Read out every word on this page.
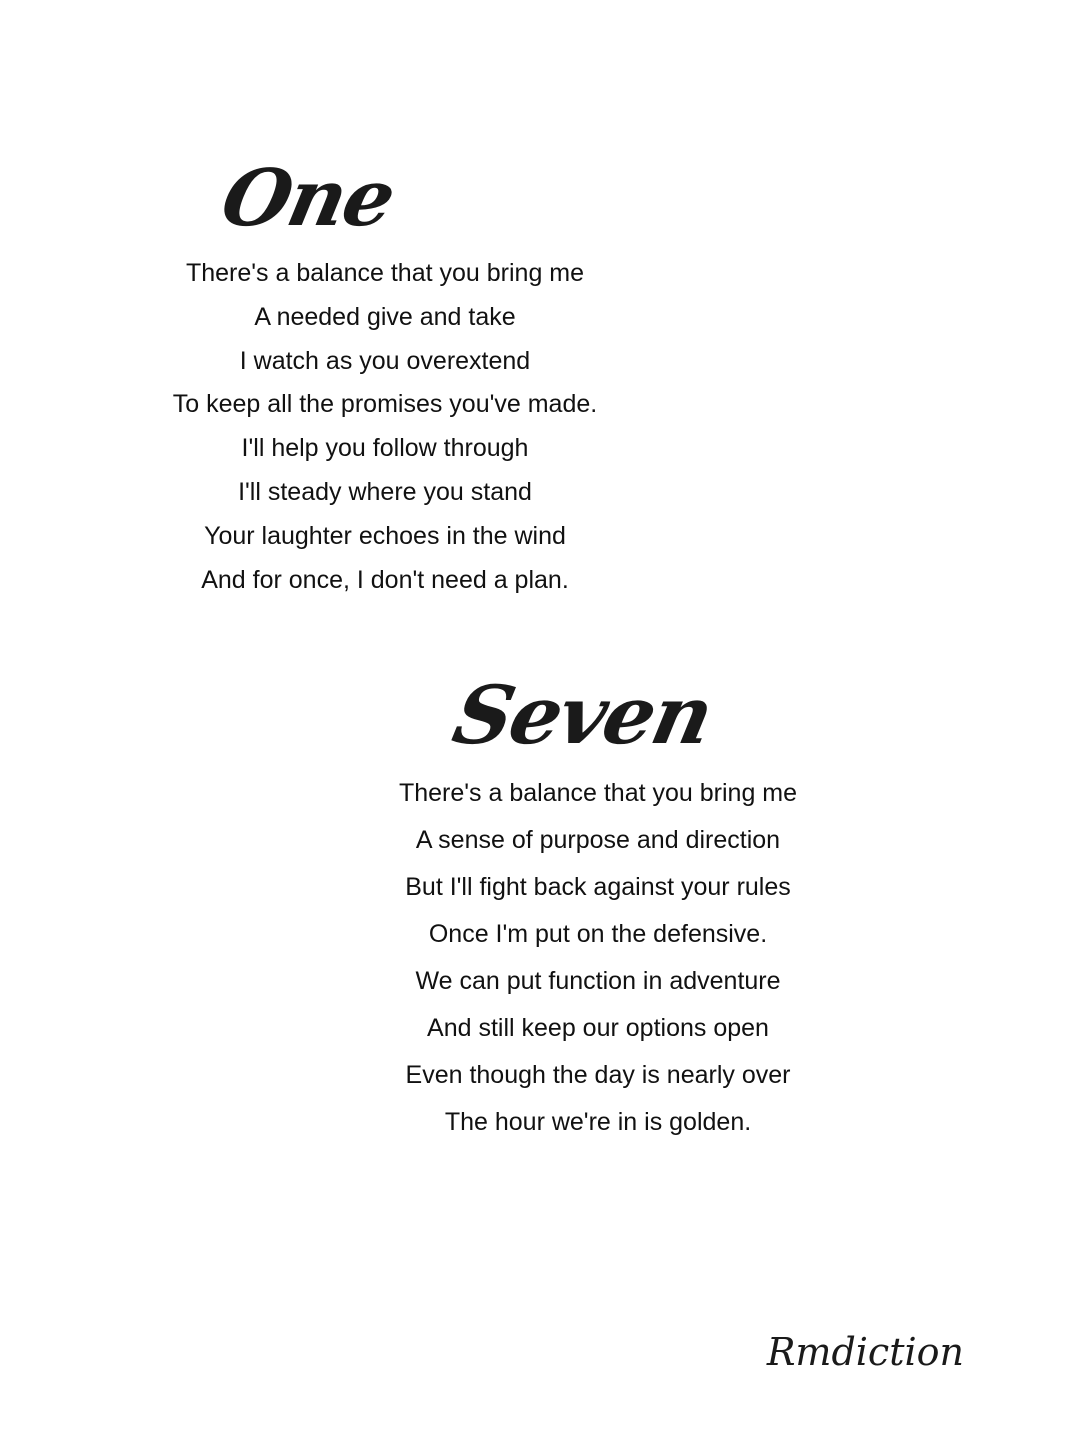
One
There's a balance that you bring me
A needed give and take
I watch as you overextend
To keep all the promises you've made.
I'll help you follow through
I'll steady where you stand
Your laughter echoes in the wind
And for once, I don't need a plan.
Seven
There's a balance that you bring me
A sense of purpose and direction
But I'll fight back against your rules
Once I'm put on the defensive.
We can put function in adventure
And still keep our options open
Even though the day is nearly over
The hour we're in is golden.
Rmdiction
